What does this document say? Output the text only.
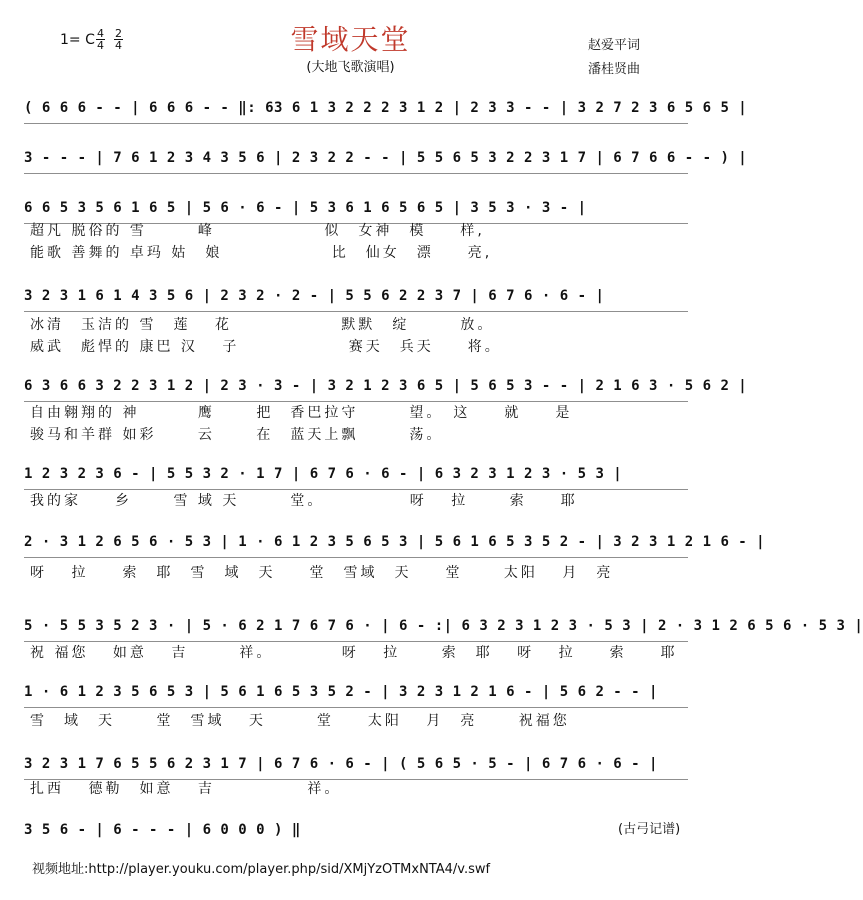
1= C 4
4
2
4	雪域天堂
(大地飞歌演唱)
赵爱平词
潘桂贤曲
( 6 6 6 - - | 6 6 6 - - ‖: 63 6 1 3 2 2 2 3 1 2 | 2 3 3 - - | 3 2 7 2 3 6 5 6 5 |
3 - - - | 7 6 1 2 3 4 3 5 6 | 2 3 2 2 - - | 5 5 6 5 3 2 2 3 1 7 | 6 7 6 6 - - ) |
6 6 5 3 5 6 1 6 5 | 5 6 · 6 - | 5 3 6 1 6 5 6 5 | 3 5 3 · 3 - |
超凡 脱俗的 雪　　　峰　　　　　　 似　女神　模　　样,
能歌 善舞的 卓玛 姑　娘　　　　　　 比　仙女　漂　　亮,
3 2 3 1 6 1 4 3 5 6 | 2 3 2 · 2 - | 5 5 6 2 2 3 7 | 6 7 6 · 6 - |
冰清　玉洁的 雪　莲　 花　　　　　　 默默　绽　　　放。
威武　彪悍的 康巴 汉　 子　　　　　　 赛天　兵天　　将。
6 3 6 6 3 2 2 3 1 2 | 2 3 · 3 - | 3 2 1 2 3 6 5 | 5 6 5 3 - - | 2 1 6 3 · 5 6 2 |
自由翱翔的 神　　　 鹰　　 把　香巴拉守　　　望。　这　　就　　是
骏马和羊群 如彩　　 云　　 在　蓝天上飘　　　荡。
1 2 3 2 3 6 - | 5 5 3 2 · 1 7 | 6 7 6 · 6 - | 6 3 2 3 1 2 3 · 5 3 |
我的家　　乡　　 雪 域 天　　　堂。　　　　　 呀　 拉　　 索　　耶
2 · 3 1 2 6 5 6 · 5 3 | 1 · 6 1 2 3 5 6 5 3 | 5 6 1 6 5 3 5 2 - | 3 2 3 1 2 1 6 - |
呀　 拉　　索　耶　雪　域　天　　堂　雪域　天　　堂　　 太阳　 月　亮
5 · 5 5 3 5 2 3 · | 5 · 6 2 1 7 6 7 6 · | 6 - :| 6 3 2 3 1 2 3 · 5 3 | 2 · 3 1 2 6 5 6 · 5 3 |
祝 福您　 如意　 吉　　　祥。　　　　 呀　 拉　　 索　耶　 呀　 拉　　索　　耶
1 · 6 1 2 3 5 6 5 3 | 5 6 1 6 5 3 5 2 - | 3 2 3 1 2 1 6 - | 5 6 2 - - |
雪　域　天　　 堂　雪域　 天　　　堂　　太阳　 月　亮　　 祝福您
3 2 3 1 7 6 5 5 6 2 3 1 7 | 6 7 6 · 6 - | ( 5 6 5 · 5 - | 6 7 6 · 6 - |
扎西　 德勒　如意　 吉　　　　　 祥。
3 5 6 - | 6 - - - | 6 0 0 0 ) ‖	(古弓记谱)
视频地址:http://player.youku.com/player.php/sid/XMjYzOTMxNTA4/v.swf
